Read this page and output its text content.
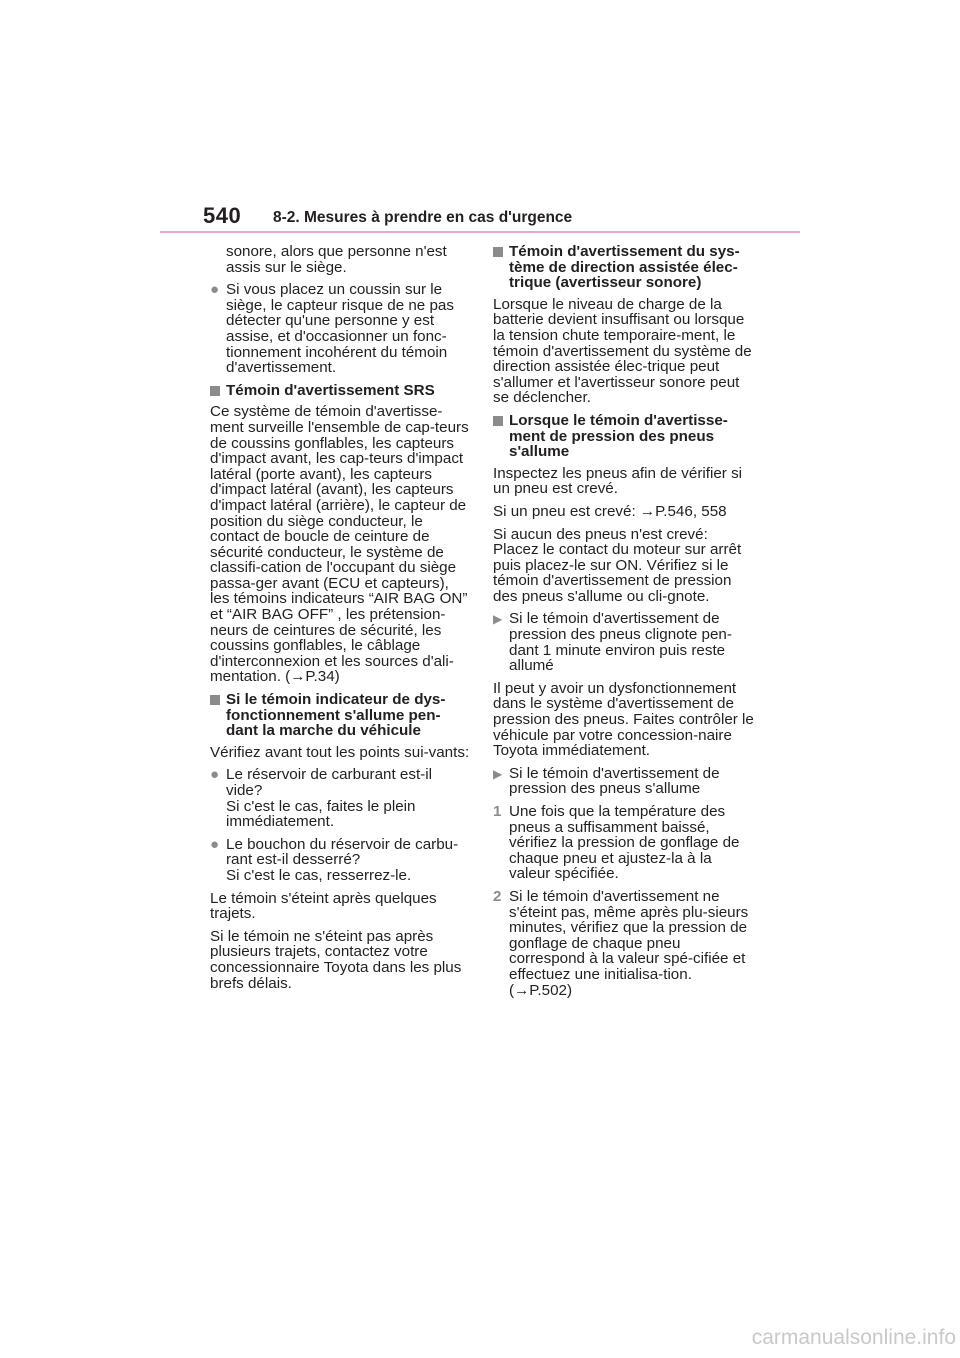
540 8-2. Mesures à prendre en cas d'urgence

sonore, alors que personne n'est assis sur le siège.

● Si vous placez un coussin sur le siège, le capteur risque de ne pas détecter qu'une personne y est assise, et d'occasionner un fonc-tionnement incohérent du témoin d'avertissement.
Témoin d'avertissement SRS

Ce système de témoin d'avertisse-ment surveille l'ensemble de cap-teurs de coussins gonflables, les capteurs d'impact avant, les cap-teurs d'impact latéral (porte avant), les capteurs d'impact latéral (avant), les capteurs d'impact latéral (arrière), le capteur de position du siège conducteur, le contact de boucle de ceinture de sécurité conducteur, le système de classifi-cation de l'occupant du siège passa-ger avant (ECU et capteurs), les témoins indicateurs “AIR BAG ON” et “AIR BAG OFF” , les prétension-neurs de ceintures de sécurité, les coussins gonflables, le câblage d'interconnexion et les sources d'ali-mentation. (→P.34)

Si le témoin indicateur de dys-fonctionnement s'allume pen-dant la marche du véhicule

Vérifiez avant tout les points sui-vants:

● Le réservoir de carburant est-il vide?
Si c'est le cas, faites le plein immédiatement.
● Le bouchon du réservoir de carbu-rant est-il desserré?
Si c'est le cas, resserrez-le.

Le témoin s'éteint après quelques trajets.

Si le témoin ne s'éteint pas après plusieurs trajets, contactez votre concessionnaire Toyota dans les plus brefs délais.

Témoin d'avertissement du sys-tème de direction assistée élec-trique (avertisseur sonore)

Lorsque le niveau de charge de la batterie devient insuffisant ou lorsque la tension chute temporaire-ment, le témoin d'avertissement du système de direction assistée élec-trique peut s'allumer et l'avertisseur sonore peut se déclencher.

Lorsque le témoin d'avertisse-ment de pression des pneus s'allume

Inspectez les pneus afin de vérifier si un pneu est crevé.

Si un pneu est crevé: →P.546, 558

Si aucun des pneus n'est crevé: Placez le contact du moteur sur arrêt puis placez-le sur ON. Vérifiez si le témoin d'avertissement de pression des pneus s'allume ou cli-gnote.

▶ Si le témoin d'avertissement de pression des pneus clignote pen-dant 1 minute environ puis reste allumé

Il peut y avoir un dysfonctionnement dans le système d'avertissement de pression des pneus. Faites contrôler le véhicule par votre concession-naire Toyota immédiatement.

▶ Si le témoin d'avertissement de pression des pneus s'allume
1 Une fois que la température des pneus a suffisamment baissé, vérifiez la pression de gonflage de chaque pneu et ajustez-la à la valeur spécifiée.
2 Si le témoin d'avertissement ne s'éteint pas, même après plu-sieurs minutes, vérifiez que la pression de gonflage de chaque pneu correspond à la valeur spé-cifiée et effectuez une initialisa-tion. (→P.502)
carmanualsonline.info
